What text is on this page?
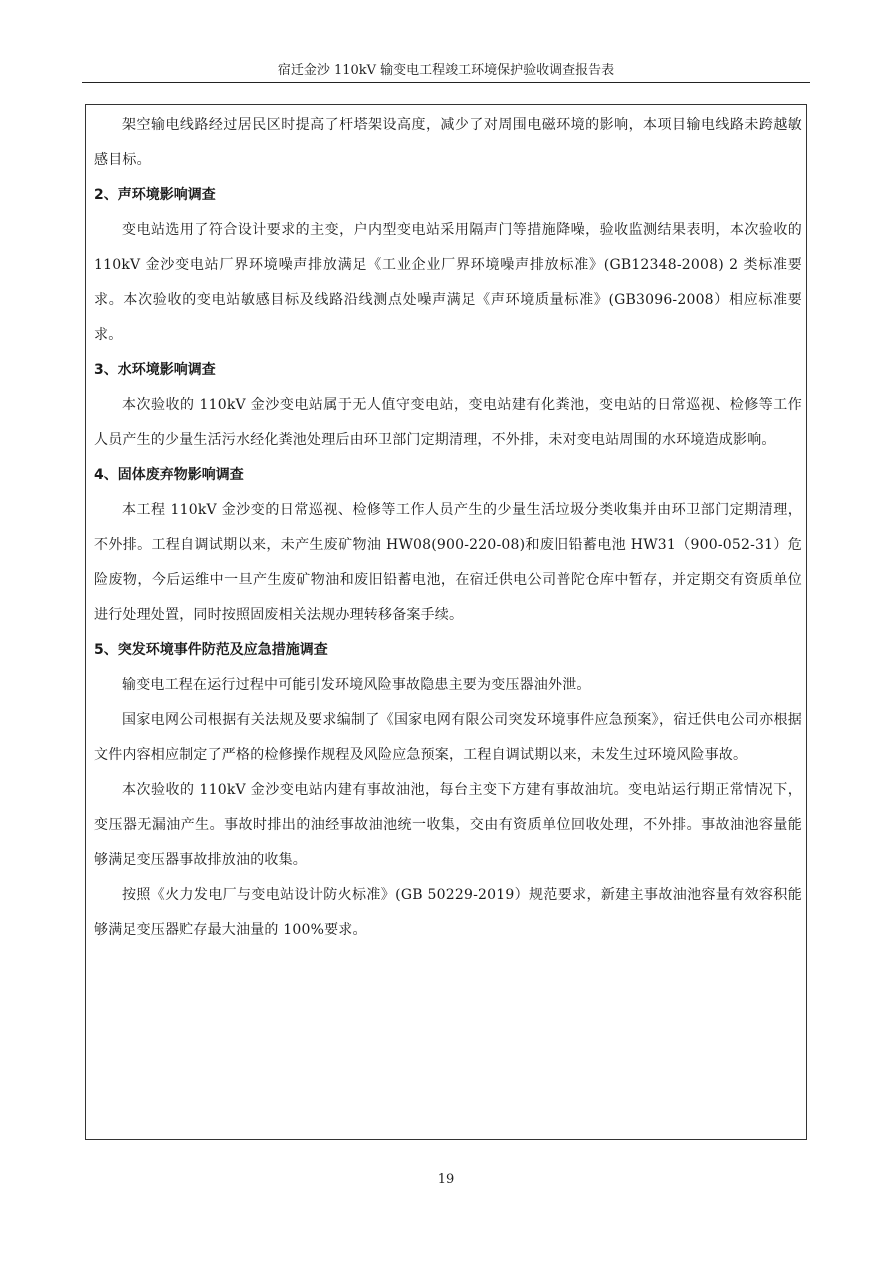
宿迁金沙 110kV 输变电工程竣工环境保护验收调查报告表

架空输电线路经过居民区时提高了杆塔架设高度，减少了对周围电磁环境的影响，本项目输电线路未跨越敏感目标。

2、声环境影响调查

变电站选用了符合设计要求的主变，户内型变电站采用隔声门等措施降噪，验收监测结果表明，本次验收的 110kV 金沙变电站厂界环境噪声排放满足《工业企业厂界环境噪声排放标准》(GB12348-2008) 2 类标准要求。本次验收的变电站敏感目标及线路沿线测点处噪声满足《声环境质量标准》(GB3096-2008）相应标准要求。

3、水环境影响调查

本次验收的 110kV 金沙变电站属于无人值守变电站，变电站建有化粪池，变电站的日常巡视、检修等工作人员产生的少量生活污水经化粪池处理后由环卫部门定期清理，不外排，未对变电站周围的水环境造成影响。

4、固体废弃物影响调查

本工程 110kV 金沙变的日常巡视、检修等工作人员产生的少量生活垃圾分类收集并由环卫部门定期清理，不外排。工程自调试期以来，未产生废矿物油 HW08(900-220-08)和废旧铅蓄电池 HW31（900-052-31）危险废物，今后运维中一旦产生废矿物油和废旧铅蓄电池，在宿迁供电公司普陀仓库中暂存，并定期交有资质单位进行处理处置，同时按照固废相关法规办理转移备案手续。

5、突发环境事件防范及应急措施调查

输变电工程在运行过程中可能引发环境风险事故隐患主要为变压器油外泄。

国家电网公司根据有关法规及要求编制了《国家电网有限公司突发环境事件应急预案》，宿迁供电公司亦根据文件内容相应制定了严格的检修操作规程及风险应急预案，工程自调试期以来，未发生过环境风险事故。

本次验收的 110kV 金沙变电站内建有事故油池，每台主变下方建有事故油坑。变电站运行期正常情况下，变压器无漏油产生。事故时排出的油经事故油池统一收集，交由有资质单位回收处理，不外排。事故油池容量能够满足变压器事故排放油的收集。

按照《火力发电厂与变电站设计防火标准》(GB 50229-2019）规范要求，新建主事故油池容量有效容积能够满足变压器贮存最大油量的 100%要求。

19
